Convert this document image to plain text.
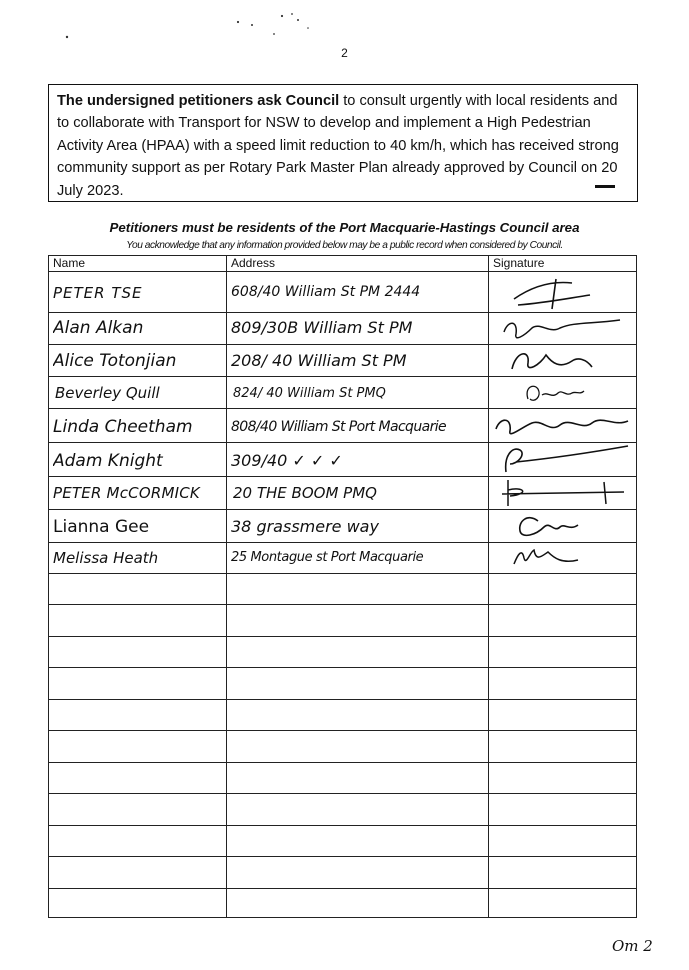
2
The undersigned petitioners ask Council to consult urgently with local residents and to collaborate with Transport for NSW to develop and implement a High Pedestrian Activity Area (HPAA) with a speed limit reduction to 40 km/h, which has received strong community support as per Rotary Park Master Plan already approved by Council on 20 July 2023.
Petitioners must be residents of the Port Macquarie-Hastings Council area
You acknowledge that any information provided below may be a public record when considered by Council.
Name	Address	Signature
PETER TSE	608/40 William St PM 2444
Alan Alkan	809/30B William St PM
Alice Totonjian	208/ 40 William St PM
Beverley Quill	824/ 40 William St PMQ
Linda Cheetham	808/40 William St Port Macquarie
Adam Knight	309/40 ✓ ✓ ✓
PETER McCORMICK	20 THE BOOM PMQ
Lianna Gee	38 grassmere way
Melissa Heath	25 Montague st Port Macquarie
Om 2
